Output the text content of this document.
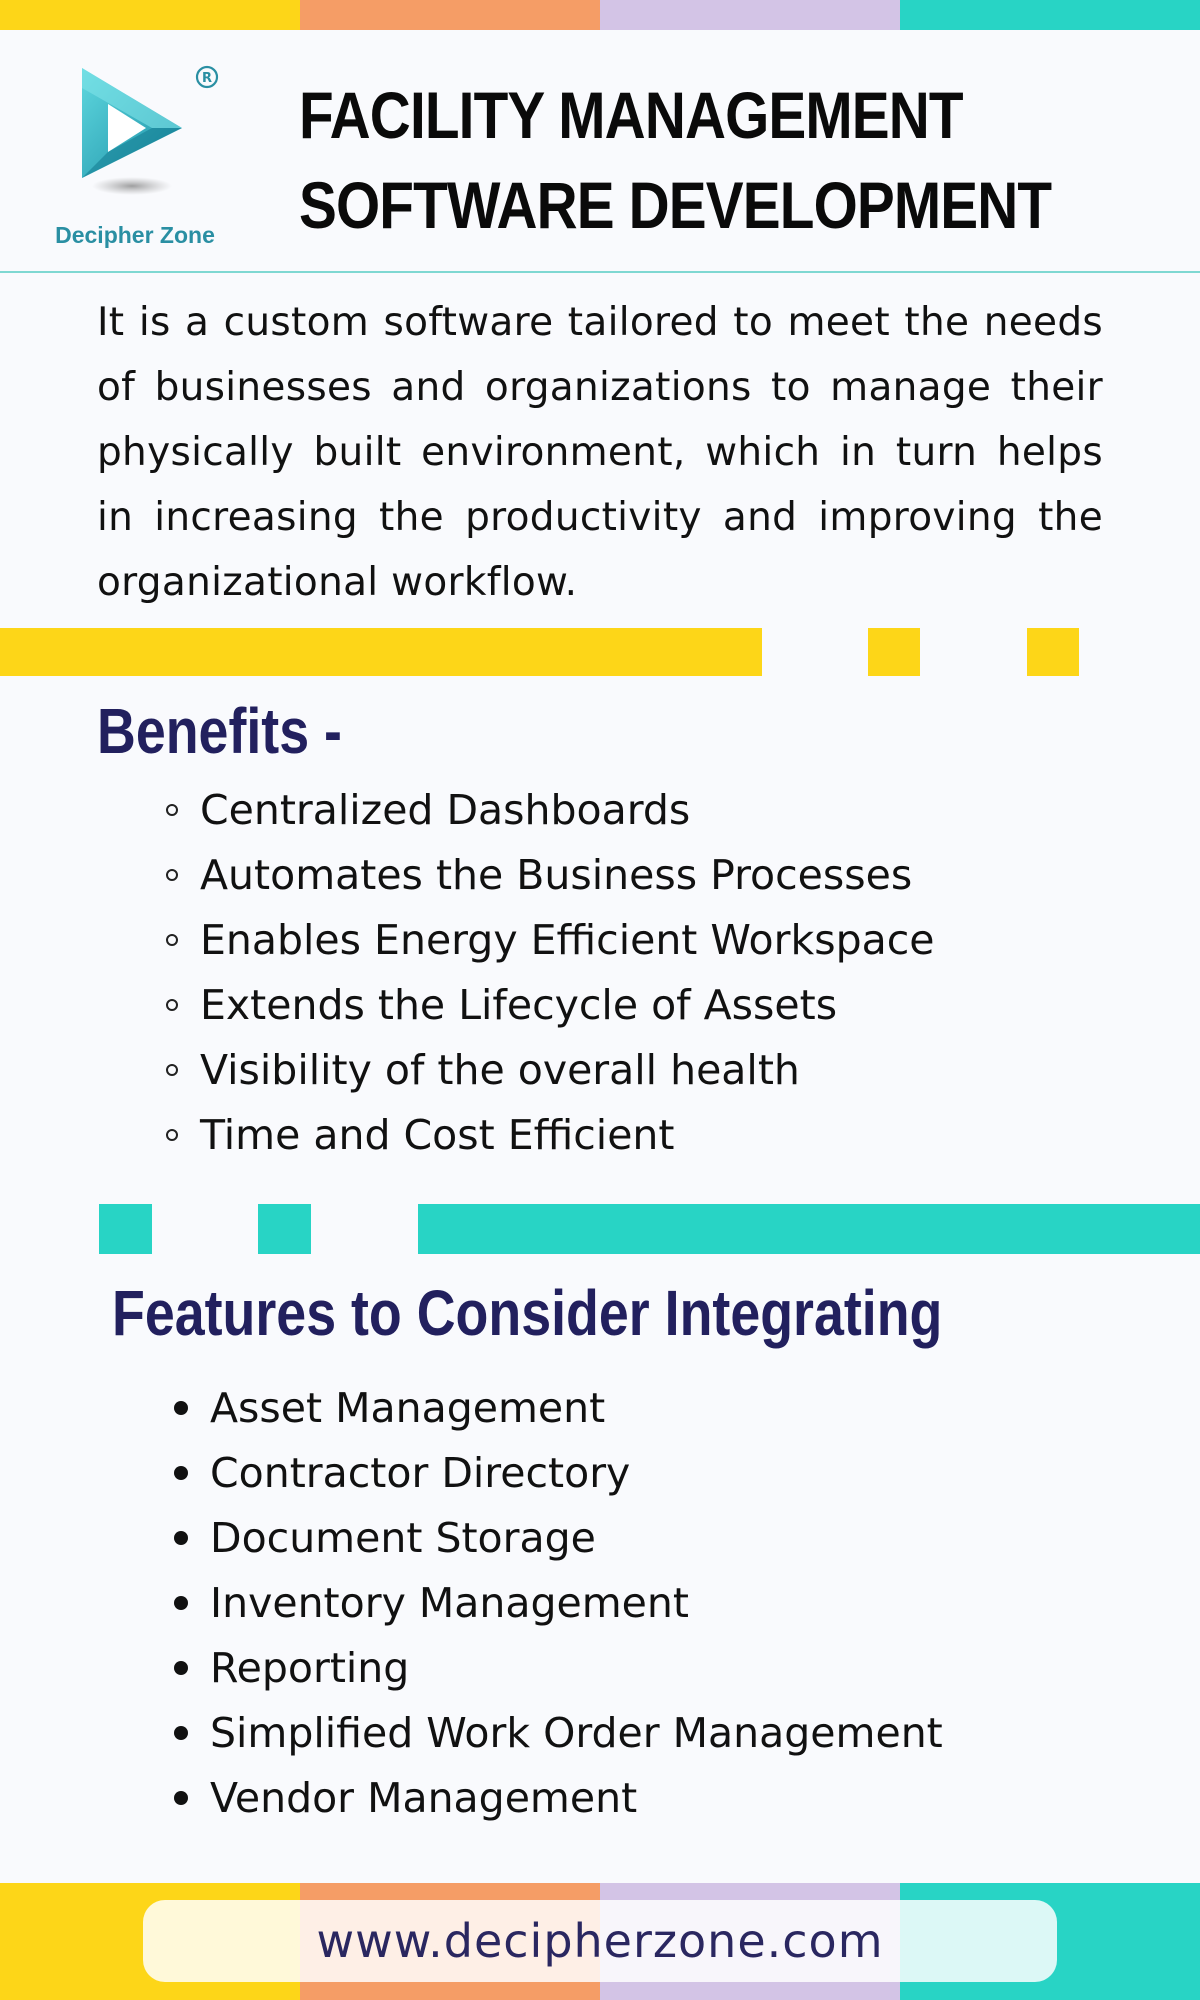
R
Decipher Zone
FACILITY MANAGEMENT
SOFTWARE DEVELOPMENT
It is a custom software tailored to meet the needs of businesses and organizations to manage their physically built environment, which in turn helps in increasing the productivity and improving the organizational workflow.
Benefits -
Centralized Dashboards
Automates the Business Processes
Enables Energy Efficient Workspace
Extends the Lifecycle of Assets
Visibility of the overall health
Time and Cost Efficient
Features to Consider Integrating
Asset Management
Contractor Directory
Document Storage
Inventory Management
Reporting
Simplified Work Order Management
Vendor Management
www.decipherzone.com
